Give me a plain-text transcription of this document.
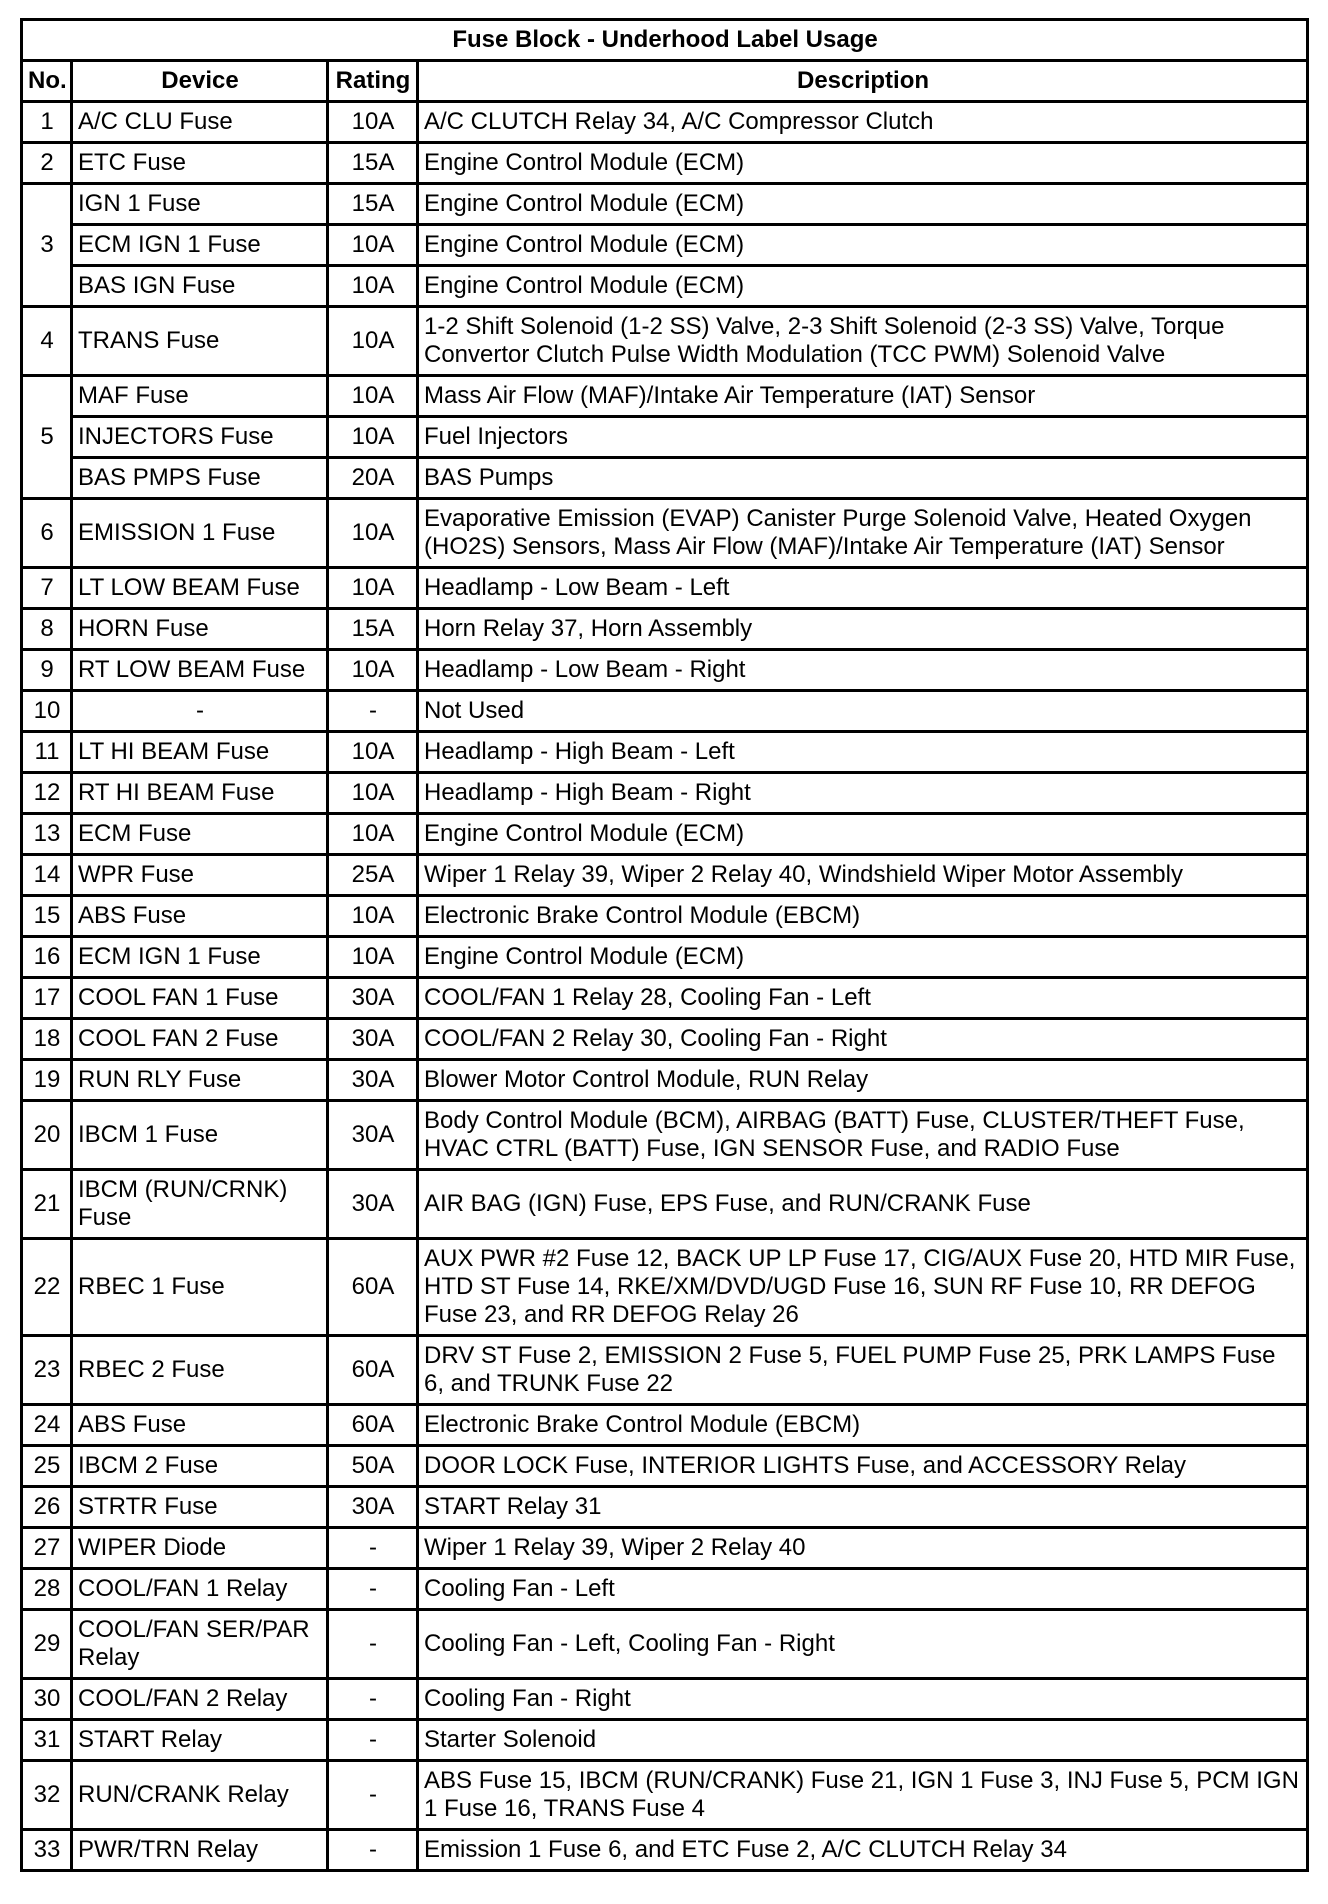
Fuse Block - Underhood Label Usage			
No.	Device	Rating	Description
1	A/C CLU Fuse	10A	A/C CLUTCH Relay 34, A/C Compressor Clutch
2	ETC Fuse	15A	Engine Control Module (ECM)
3	IGN 1 Fuse	15A	Engine Control Module (ECM)
	ECM IGN 1 Fuse	10A	Engine Control Module (ECM)
	BAS IGN Fuse	10A	Engine Control Module (ECM)
4	TRANS Fuse	10A	1-2 Shift Solenoid (1-2 SS) Valve, 2-3 Shift Solenoid (2-3 SS) Valve, Torque Convertor Clutch Pulse Width Modulation (TCC PWM) Solenoid Valve
5	MAF Fuse	10A	Mass Air Flow (MAF)/Intake Air Temperature (IAT) Sensor
	INJECTORS Fuse	10A	Fuel Injectors
	BAS PMPS Fuse	20A	BAS Pumps
6	EMISSION 1 Fuse	10A	Evaporative Emission (EVAP) Canister Purge Solenoid Valve, Heated Oxygen (HO2S) Sensors, Mass Air Flow (MAF)/Intake Air Temperature (IAT) Sensor
7	LT LOW BEAM Fuse	10A	Headlamp - Low Beam - Left
8	HORN Fuse	15A	Horn Relay 37, Horn Assembly
9	RT LOW BEAM Fuse	10A	Headlamp - Low Beam - Right
10	-	-	Not Used
11	LT HI BEAM Fuse	10A	Headlamp - High Beam - Left
12	RT HI BEAM Fuse	10A	Headlamp - High Beam - Right
13	ECM Fuse	10A	Engine Control Module (ECM)
14	WPR Fuse	25A	Wiper 1 Relay 39, Wiper 2 Relay 40, Windshield Wiper Motor Assembly
15	ABS Fuse	10A	Electronic Brake Control Module (EBCM)
16	ECM IGN 1 Fuse	10A	Engine Control Module (ECM)
17	COOL FAN 1 Fuse	30A	COOL/FAN 1 Relay 28, Cooling Fan - Left
18	COOL FAN 2 Fuse	30A	COOL/FAN 2 Relay 30, Cooling Fan - Right
19	RUN RLY Fuse	30A	Blower Motor Control Module, RUN Relay
20	IBCM 1 Fuse	30A	Body Control Module (BCM), AIRBAG (BATT) Fuse, CLUSTER/THEFT Fuse, HVAC CTRL (BATT) Fuse, IGN SENSOR Fuse, and RADIO Fuse
21	IBCM (RUN/CRNK) Fuse	30A	AIR BAG (IGN) Fuse, EPS Fuse, and RUN/CRANK Fuse
22	RBEC 1 Fuse	60A	AUX PWR #2 Fuse 12, BACK UP LP Fuse 17, CIG/AUX Fuse 20, HTD MIR Fuse, HTD ST Fuse 14, RKE/XM/DVD/UGD Fuse 16, SUN RF Fuse 10, RR DEFOG Fuse 23, and RR DEFOG Relay 26
23	RBEC 2 Fuse	60A	DRV ST Fuse 2, EMISSION 2 Fuse 5, FUEL PUMP Fuse 25, PRK LAMPS Fuse 6, and TRUNK Fuse 22
24	ABS Fuse	60A	Electronic Brake Control Module (EBCM)
25	IBCM 2 Fuse	50A	DOOR LOCK Fuse, INTERIOR LIGHTS Fuse, and ACCESSORY Relay
26	STRTR Fuse	30A	START Relay 31
27	WIPER Diode	-	Wiper 1 Relay 39, Wiper 2 Relay 40
28	COOL/FAN 1 Relay	-	Cooling Fan - Left
29	COOL/FAN SER/PAR Relay	-	Cooling Fan - Left, Cooling Fan - Right
30	COOL/FAN 2 Relay	-	Cooling Fan - Right
31	START Relay	-	Starter Solenoid
32	RUN/CRANK Relay	-	ABS Fuse 15, IBCM (RUN/CRANK) Fuse 21, IGN 1 Fuse 3, INJ Fuse 5, PCM IGN 1 Fuse 16, TRANS Fuse 4
33	PWR/TRN Relay	-	Emission 1 Fuse 6, and ETC Fuse 2, A/C CLUTCH Relay 34
